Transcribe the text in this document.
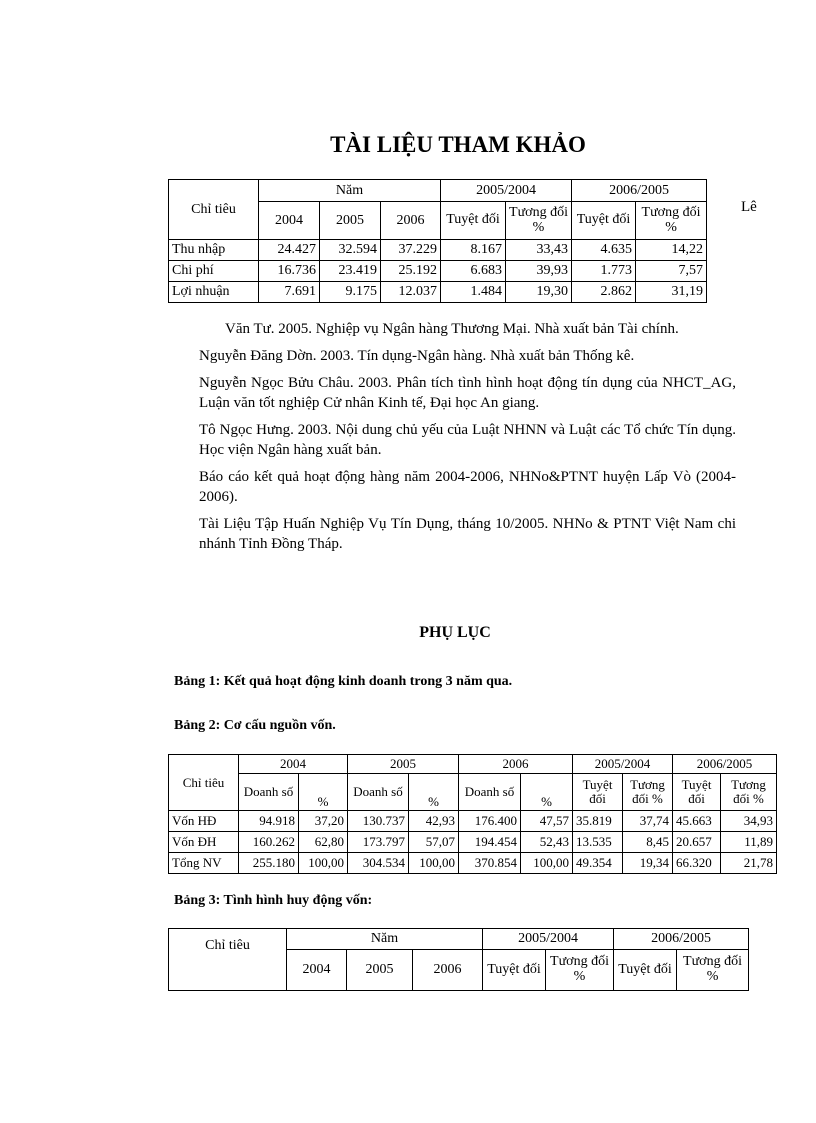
TÀI LIỆU THAM KHẢO
Chỉ tiêu	Năm			2005/2004		2006/2005	
	2004	2005	2006	Tuyệt đối	Tương đối %	Tuyệt đối	Tương đối %
Thu nhập	24.427	32.594	37.229	8.167	33,43	4.635	14,22
Chi phí	16.736	23.419	25.192	6.683	39,93	1.773	7,57
Lợi nhuận	7.691	9.175	12.037	1.484	19,30	2.862	31,19
Lê

Văn Tư. 2005. Nghiệp vụ Ngân hàng Thương Mại. Nhà xuất bản Tài chính.

Nguyễn Đăng Dờn. 2003. Tín dụng-Ngân hàng. Nhà xuất bản Thống kê.

Nguyễn Ngọc Bửu Châu. 2003. Phân tích tình hình hoạt động tín dụng của NHCT_AG, Luận văn tốt nghiệp Cử nhân Kinh tế, Đại học An giang.

Tô Ngọc Hưng. 2003. Nội dung chủ yếu của Luật NHNN và Luật các Tổ chức Tín dụng. Học viện Ngân hàng xuất bản.

Báo cáo kết quả hoạt động hàng năm 2004-2006, NHNo&PTNT huyện Lấp Vò (2004-2006).

Tài Liệu Tập Huấn Nghiệp Vụ Tín Dụng, tháng 10/2005. NHNo & PTNT Việt Nam chi nhánh Tỉnh Đồng Tháp.

PHỤ LỤC
Bảng 1: Kết quả hoạt động kinh doanh trong 3 năm qua.
Bảng 2: Cơ cấu nguồn vốn.
Chỉ tiêu	2004		2005		2006		2005/2004		2006/2005	
	Doanh số	%	Doanh số	%	Doanh số	%	Tuyệt đối	Tương đối %	Tuyệt đối	Tương đối %
Vốn HĐ	94.918	37,20	130.737	42,93	176.400	47,57	35.819	37,74	45.663	34,93
Vốn ĐH	160.262	62,80	173.797	57,07	194.454	52,43	13.535	8,45	20.657	11,89
Tổng NV	255.180	100,00	304.534	100,00	370.854	100,00	49.354	19,34	66.320	21,78
Bảng 3: Tình hình huy động vốn:
Chỉ tiêu	Năm			2005/2004		2006/2005	
	2004	2005	2006	Tuyệt đối	Tương đối %	Tuyệt đối	Tương đối %
